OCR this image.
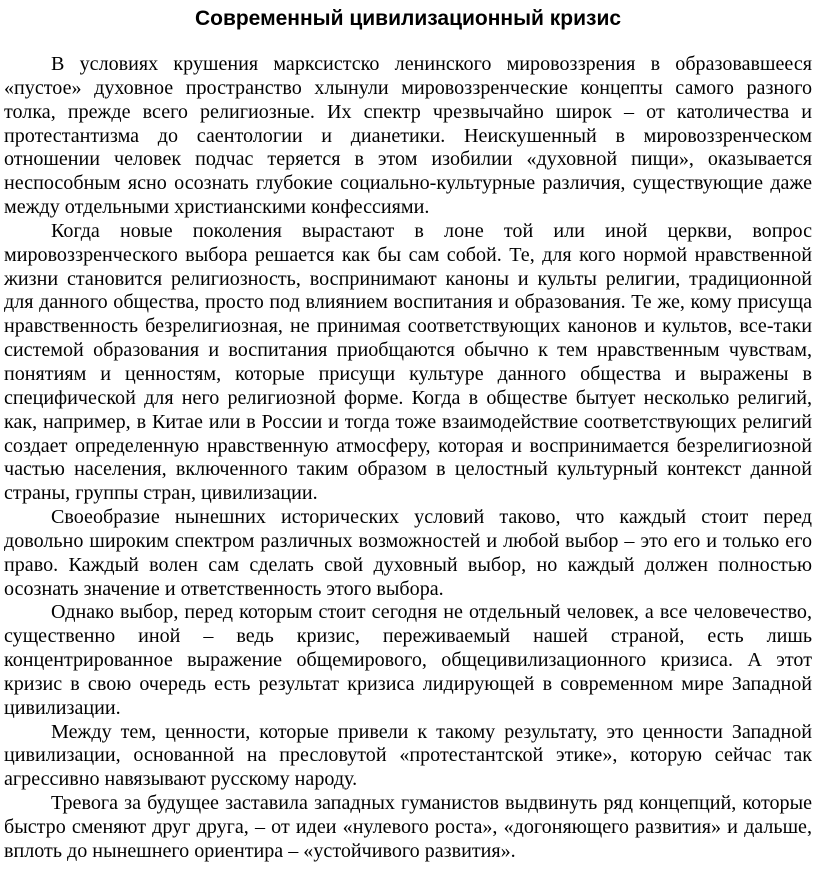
Современный цивилизационный кризис

В условиях крушения марксистско ленинского мировоззрения в образовавшееся «пустое» духовное пространство хлынули мировоззренческие концепты самого разного толка, прежде всего религиозные. Их спектр чрезвычайно широк – от католичества и протестантизма до саентологии и дианетики. Неискушенный в мировоззренческом отношении человек подчас теряется в этом изобилии «духовной пищи», оказывается неспособным ясно осознать глубокие социально-культурные различия, существующие даже между отдельными христианскими конфессиями.

Когда новые поколения вырастают в лоне той или иной церкви, вопрос мировоззренческого выбора решается как бы сам собой. Те, для кого нормой нравственной жизни становится религиозность, воспринимают каноны и культы религии, традиционной для данного общества, просто под влиянием воспитания и образования. Те же, кому присуща нравственность безрелигиозная, не принимая соответствующих канонов и культов, все-таки системой образования и воспитания приобщаются обычно к тем нравственным чувствам, понятиям и ценностям, которые присущи культуре данного общества и выражены в специфической для него религиозной форме. Когда в обществе бытует несколько религий, как, например, в Китае или в России и тогда тоже взаимодействие соответствующих религий создает определенную нравственную атмосферу, которая и воспринимается безрелигиозной частью населения, включенного таким образом в целостный культурный контекст данной страны, группы стран, цивилизации.

Своеобразие нынешних исторических условий таково, что каждый стоит перед довольно широким спектром различных возможностей и любой выбор – это его и только его право. Каждый волен сам сделать свой духовный выбор, но каждый должен полностью осознать значение и ответственность этого выбора.

Однако выбор, перед которым стоит сегодня не отдельный человек, а все человечество, существенно иной – ведь кризис, переживаемый нашей страной, есть лишь концентрированное выражение общемирового, общецивилизационного кризиса. А этот кризис в свою очередь есть результат кризиса лидирующей в современном мире Западной цивилизации.

Между тем, ценности, которые привели к такому результату, это ценности Западной цивилизации, основанной на пресловутой «протестантской этике», которую сейчас так агрессивно навязывают русскому народу.

Тревога за будущее заставила западных гуманистов выдвинуть ряд концепций, которые быстро сменяют друг друга, – от идеи «нулевого роста», «догоняющего развития» и дальше, вплоть до нынешнего ориентира – «устойчивого развития».
